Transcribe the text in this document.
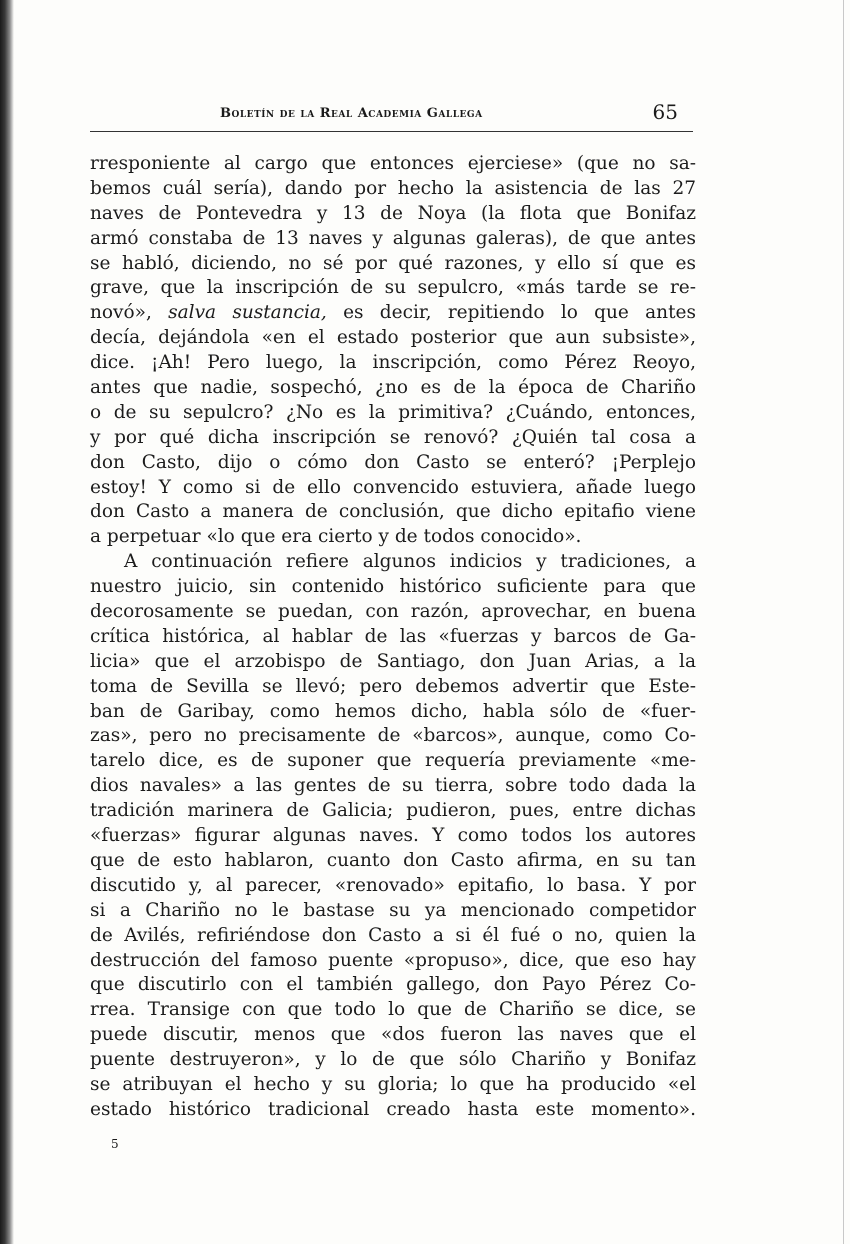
Boletín de la Real Academia Gallega	65
rresponiente al cargo que entonces ejerciese» (que no sa-
bemos cuál sería), dando por hecho la asistencia de las 27
naves de Pontevedra y 13 de Noya (la flota que Bonifaz
armó constaba de 13 naves y algunas galeras), de que antes
se habló, diciendo, no sé por qué razones, y ello sí que es
grave, que la inscripción de su sepulcro, «más tarde se re-
novó», salva sustancia, es decir, repitiendo lo que antes
decía, dejándola «en el estado posterior que aun subsiste»,
dice. ¡Ah! Pero luego, la inscripción, como Pérez Reoyo,
antes que nadie, sospechó, ¿no es de la época de Chariño
o de su sepulcro? ¿No es la primitiva? ¿Cuándo, entonces,
y por qué dicha inscripción se renovó? ¿Quién tal cosa a
don Casto, dijo o cómo don Casto se enteró? ¡Perplejo
estoy! Y como si de ello convencido estuviera, añade luego
don Casto a manera de conclusión, que dicho epitafio viene
a perpetuar «lo que era cierto y de todos conocido».
A continuación refiere algunos indicios y tradiciones, a
nuestro juicio, sin contenido histórico suficiente para que
decorosamente se puedan, con razón, aprovechar, en buena
crítica histórica, al hablar de las «fuerzas y barcos de Ga-
licia» que el arzobispo de Santiago, don Juan Arias, a la
toma de Sevilla se llevó; pero debemos advertir que Este-
ban de Garibay, como hemos dicho, habla sólo de «fuer-
zas», pero no precisamente de «barcos», aunque, como Co-
tarelo dice, es de suponer que requería previamente «me-
dios navales» a las gentes de su tierra, sobre todo dada la
tradición marinera de Galicia; pudieron, pues, entre dichas
«fuerzas» figurar algunas naves. Y como todos los autores
que de esto hablaron, cuanto don Casto afirma, en su tan
discutido y, al parecer, «renovado» epitafio, lo basa. Y por
si a Chariño no le bastase su ya mencionado competidor
de Avilés, refiriéndose don Casto a si él fué o no, quien la
destrucción del famoso puente «propuso», dice, que eso hay
que discutirlo con el también gallego, don Payo Pérez Co-
rrea. Transige con que todo lo que de Chariño se dice, se
puede discutir, menos que «dos fueron las naves que el
puente destruyeron», y lo de que sólo Chariño y Bonifaz
se atribuyan el hecho y su gloria; lo que ha producido «el
estado histórico tradicional creado hasta este momento».
5
